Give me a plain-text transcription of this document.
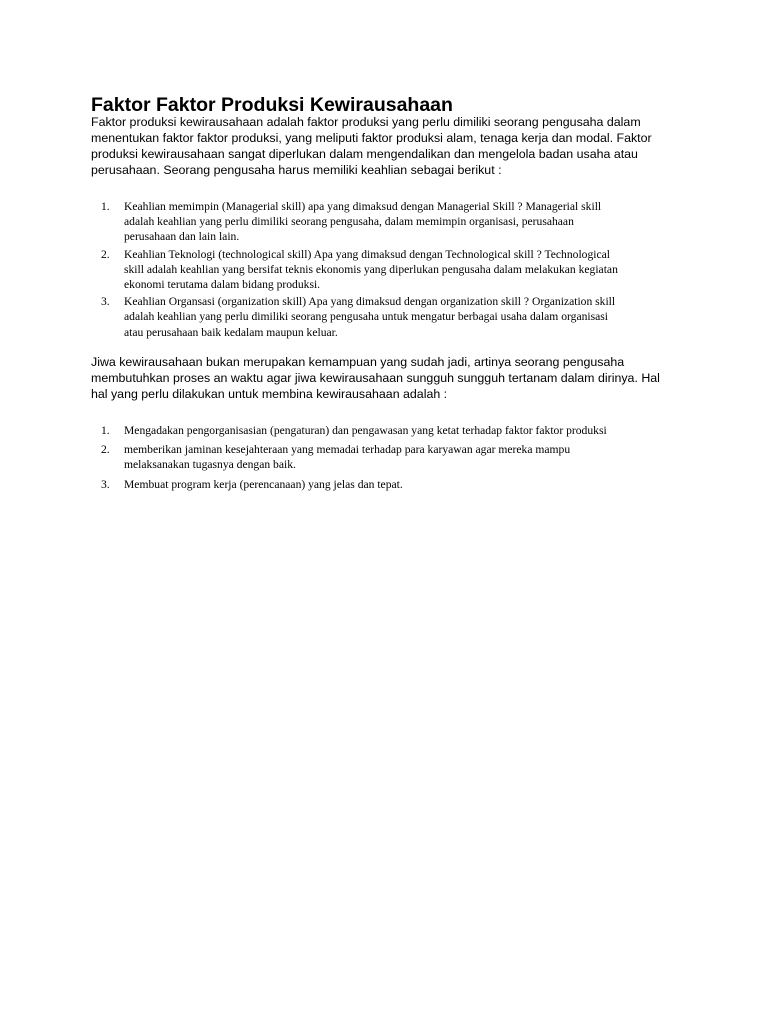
Faktor Faktor Produksi Kewirausahaan

Faktor produksi kewirausahaan adalah faktor produksi yang perlu dimiliki seorang pengusaha dalam
menentukan faktor faktor produksi, yang meliputi faktor produksi alam, tenaga kerja dan modal. Faktor
produksi kewirausahaan sangat diperlukan dalam mengendalikan dan mengelola badan usaha atau
perusahaan. Seorang pengusaha harus memiliki keahlian sebagai berikut :

1. Keahlian memimpin (Managerial skill) apa yang dimaksud dengan Managerial Skill ? Managerial skill
adalah keahlian yang perlu dimiliki seorang pengusaha, dalam memimpin organisasi, perusahaan
perusahaan dan lain lain.
2. Keahlian Teknologi (technological skill) Apa yang dimaksud dengan Technological skill ? Technological
skill adalah keahlian yang bersifat teknis ekonomis yang diperlukan pengusaha dalam melakukan kegiatan
ekonomi terutama dalam bidang produksi.
3. Keahlian Organsasi (organization skill) Apa yang dimaksud dengan organization skill ? Organization skill
adalah keahlian yang perlu dimiliki seorang pengusaha untuk mengatur berbagai usaha dalam organisasi
atau perusahaan baik kedalam maupun keluar.

Jiwa kewirausahaan bukan merupakan kemampuan yang sudah jadi, artinya seorang pengusaha
membutuhkan proses an waktu agar jiwa kewirausahaan sungguh sungguh tertanam dalam dirinya. Hal
hal yang perlu dilakukan untuk membina kewirausahaan adalah :

1. Mengadakan pengorganisasian (pengaturan) dan pengawasan yang ketat terhadap faktor faktor produksi
2. memberikan jaminan kesejahteraan yang memadai terhadap para karyawan agar mereka mampu
melaksanakan tugasnya dengan baik.
3. Membuat program kerja (perencanaan) yang jelas dan tepat.
